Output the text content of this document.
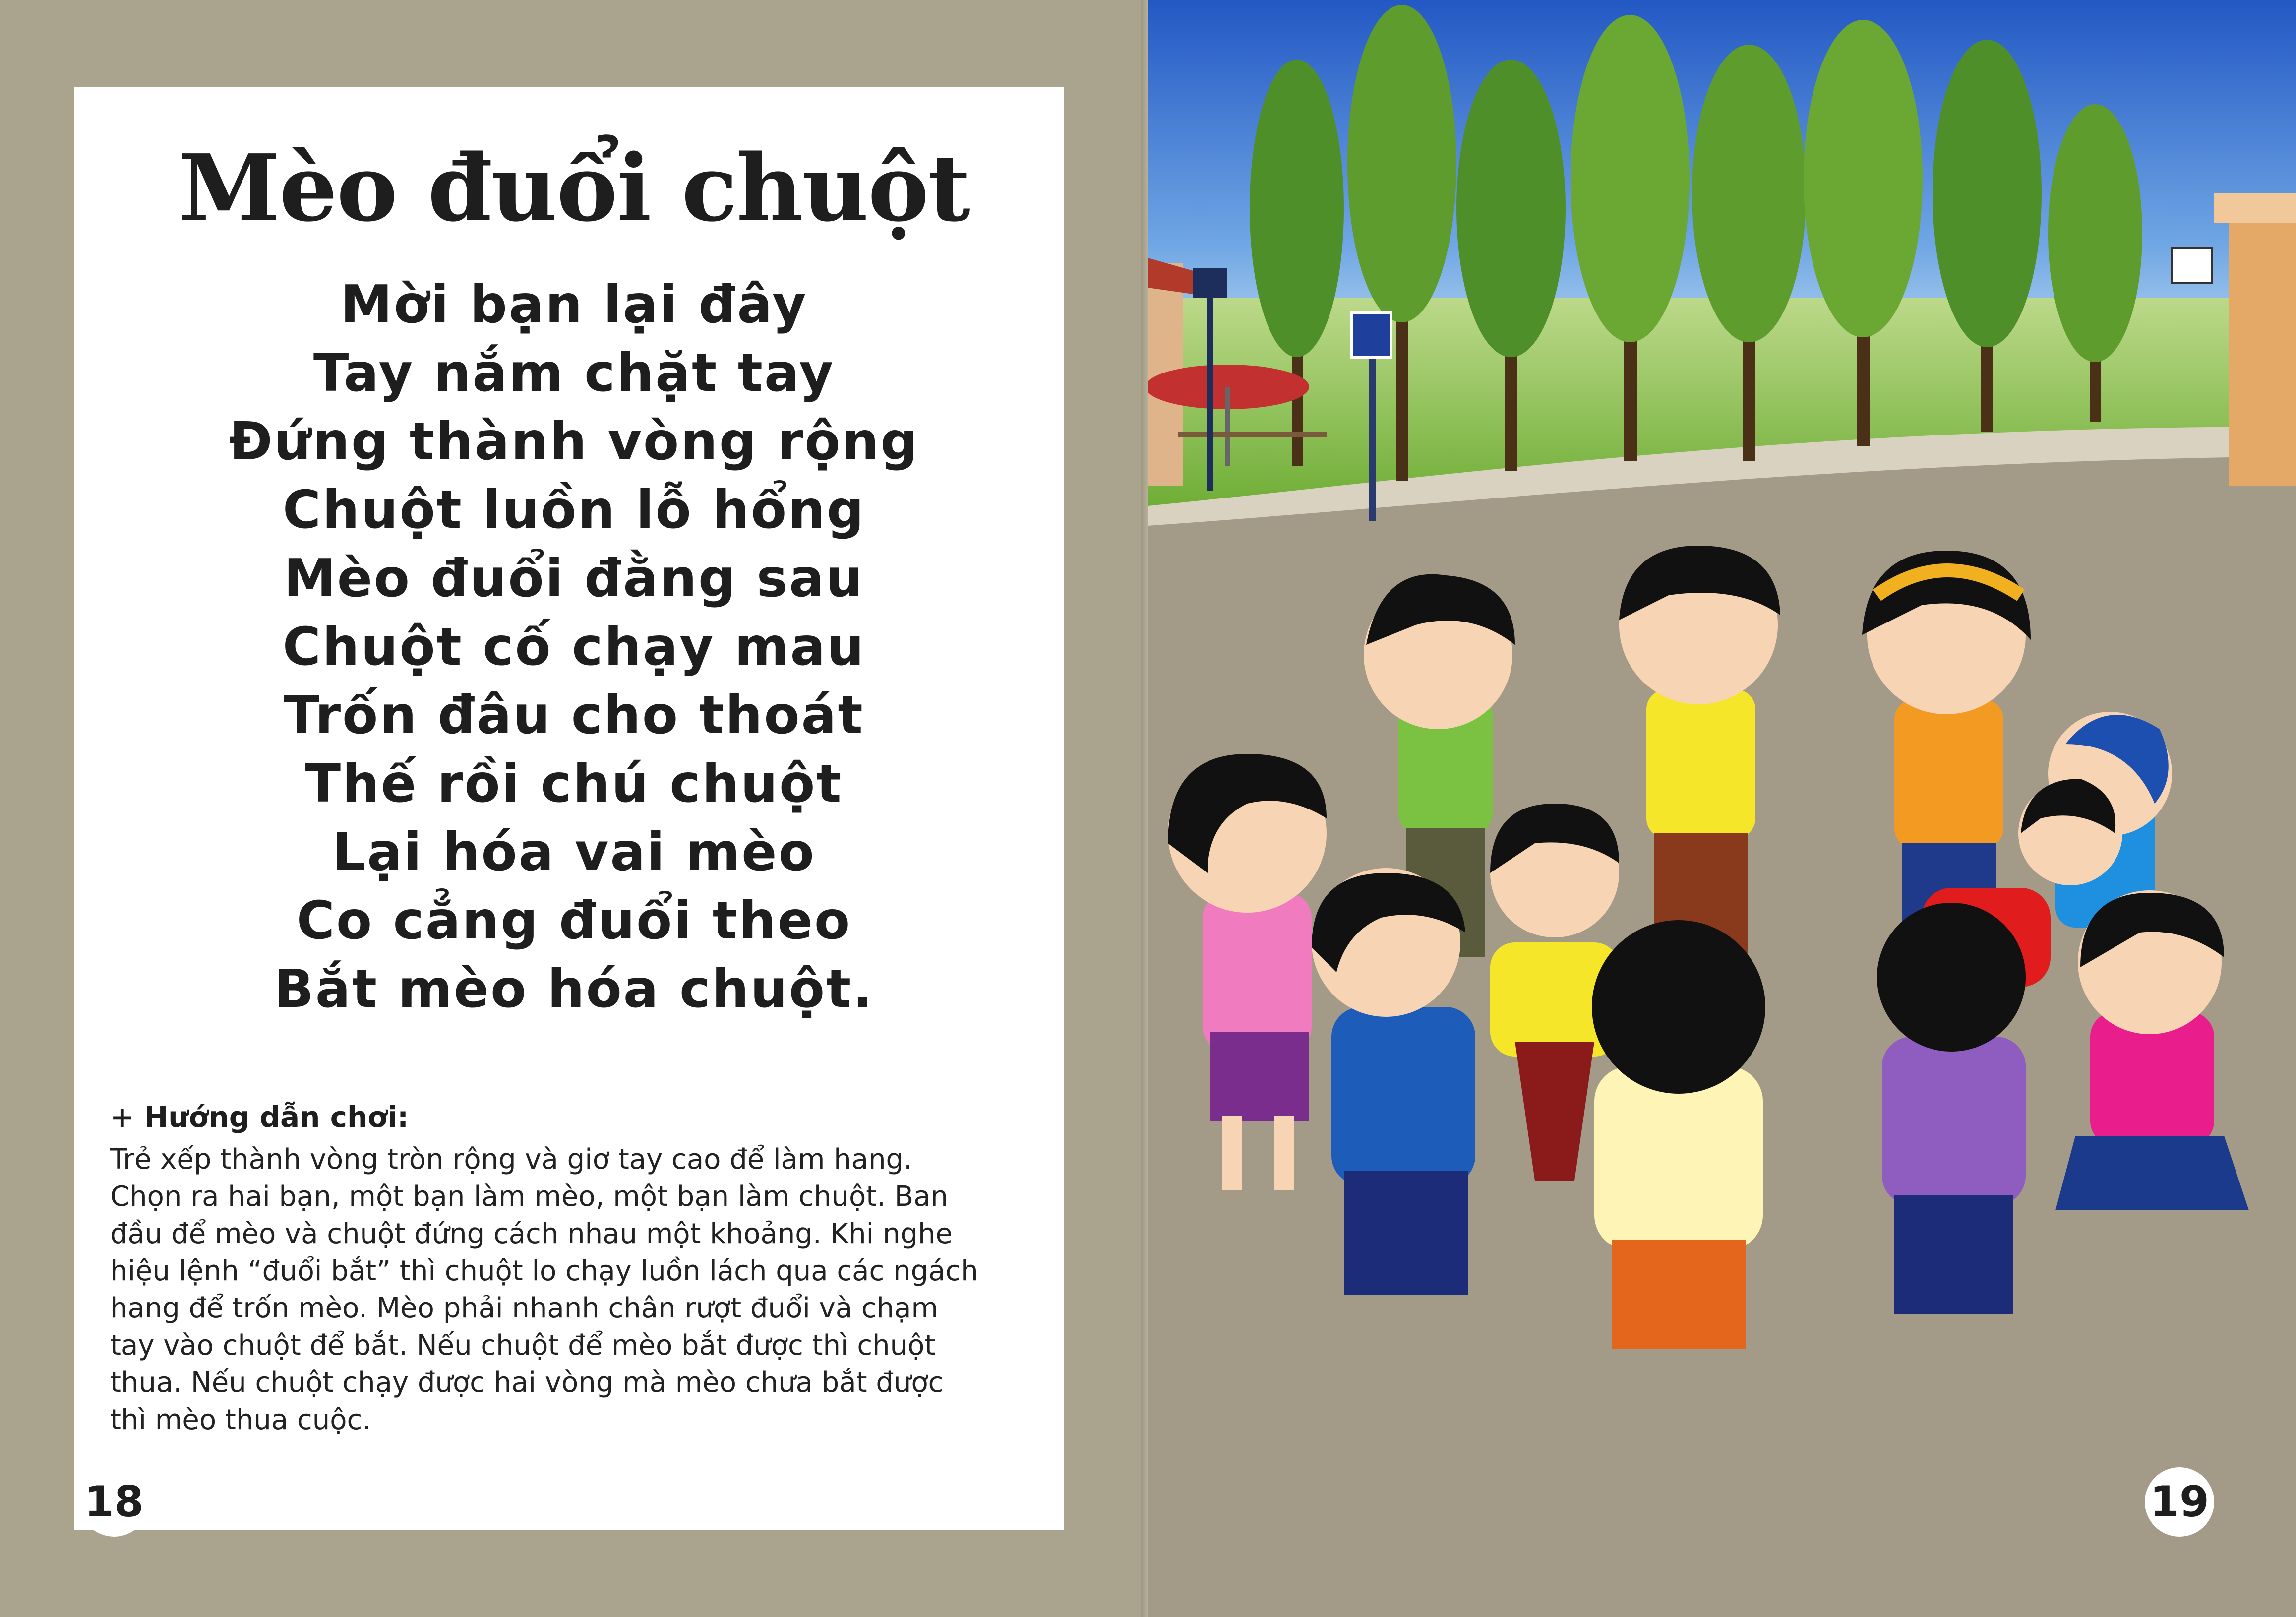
Mèo đuổi chuột
Mời bạn lại đây
Tay nắm chặt tay
Đứng thành vòng rộng
Chuột luồn lỗ hổng
Mèo đuổi đằng sau
Chuột cố chạy mau
Trốn đâu cho thoát
Thế rồi chú chuột
Lại hóa vai mèo
Co cẳng đuổi theo
Bắt mèo hóa chuột.
+ Hướng dẫn chơi:
Trẻ xếp thành vòng tròn rộng và giơ tay cao để làm hang.
Chọn ra hai bạn, một bạn làm mèo, một bạn làm chuột. Ban
đầu để mèo và chuột đứng cách nhau một khoảng. Khi nghe
hiệu lệnh “đuổi bắt” thì chuột lo chạy luồn lách qua các ngách
hang để trốn mèo. Mèo phải nhanh chân rượt đuổi và chạm
tay vào chuột để bắt. Nếu chuột để mèo bắt được thì chuột
thua. Nếu chuột chạy được hai vòng mà mèo chưa bắt được
thì mèo thua cuộc.
18	19
